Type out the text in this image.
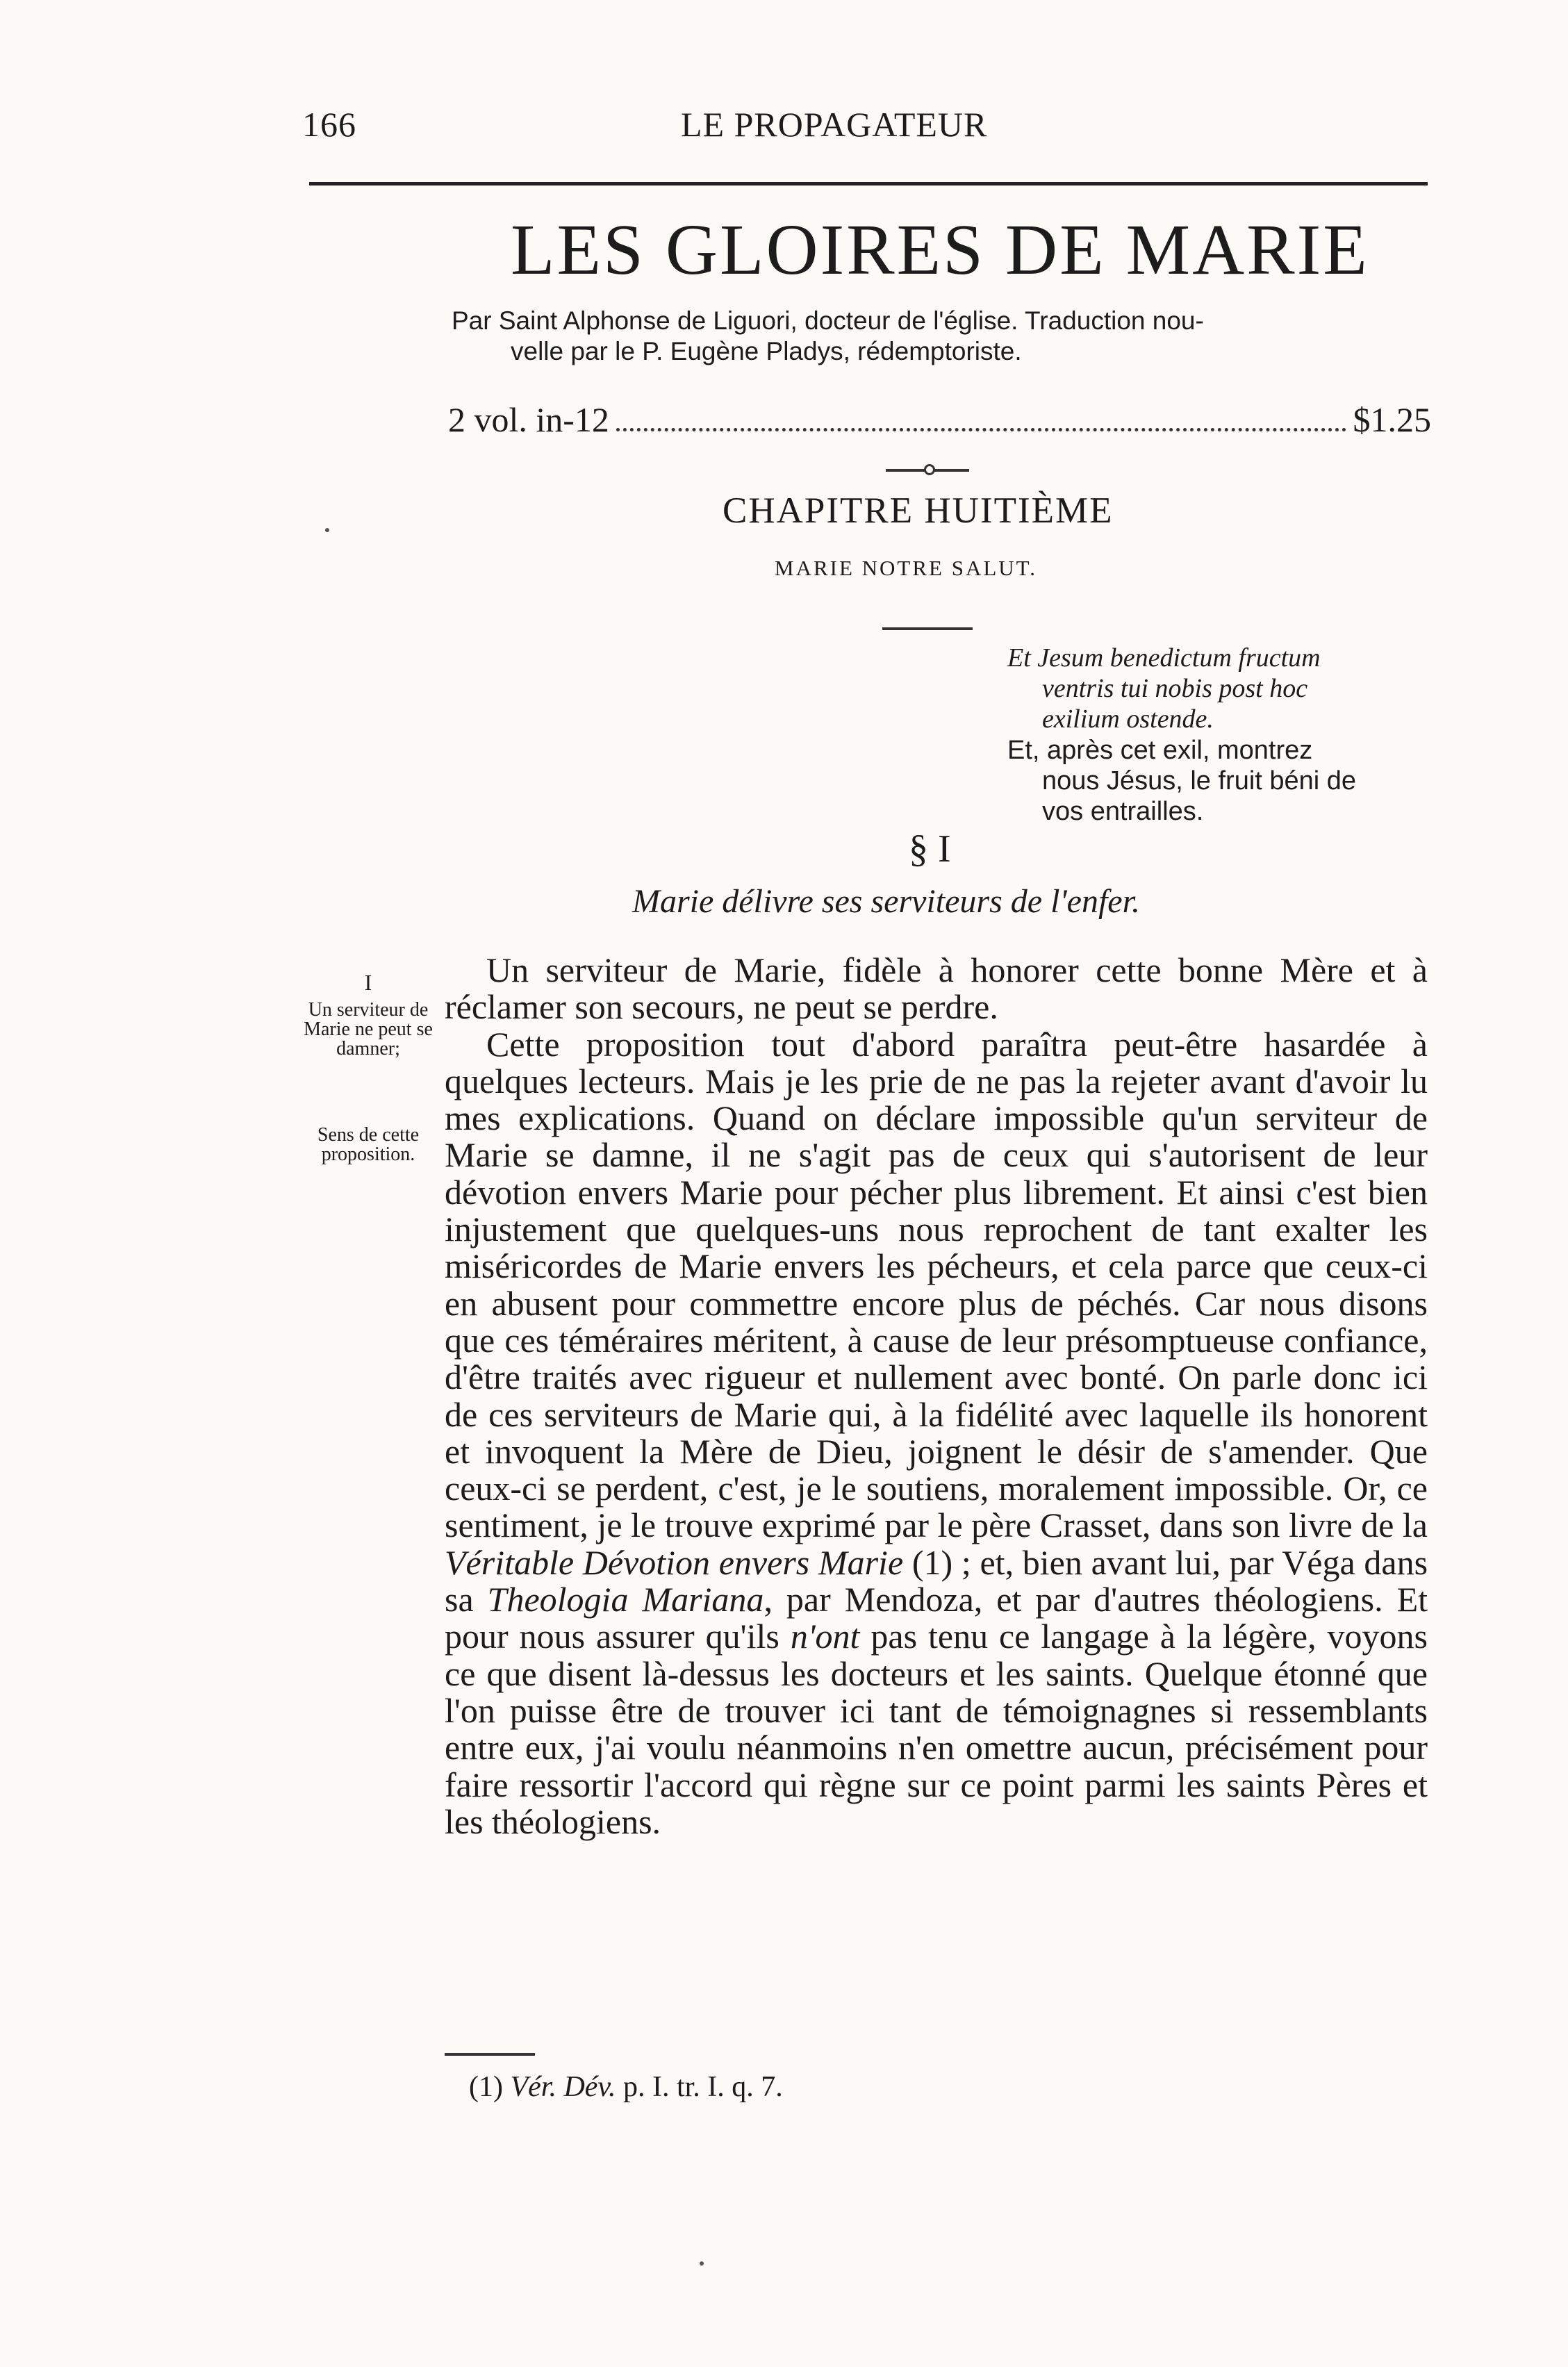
166	LE PROPAGATEUR
LES GLOIRES DE MARIE
Par Saint Alphonse de Liguori, docteur de l'église. Traduction nou-
velle par le P. Eugène Pladys, rédemptoriste.
2 vol. in-12	$1.25
CHAPITRE HUITIÈME
MARIE NOTRE SALUT.

Et Jesum benedictum fructum

ventris tui nobis post hoc

exilium ostende.

Et, après cet exil, montrez

nous Jésus, le fruit béni de

vos entrailles.

§ I
Marie délivre ses serviteurs de l'enfer.
I
Un serviteur de Marie ne peut se damner;
Sens de cette proposition.

Un serviteur de Marie, fidèle à honorer cette bonne Mère et à réclamer son secours, ne peut se perdre.

Cette proposition tout d'abord paraîtra peut-être hasardée à quelques lecteurs. Mais je les prie de ne pas la rejeter avant d'avoir lu mes explications. Quand on déclare impossible qu'un serviteur de Marie se damne, il ne s'agit pas de ceux qui s'autorisent de leur dévotion envers Marie pour pécher plus librement. Et ainsi c'est bien injustement que quelques-uns nous reprochent de tant exalter les miséricordes de Marie envers les pécheurs, et cela parce que ceux-ci en abusent pour commettre encore plus de péchés. Car nous disons que ces téméraires méritent, à cause de leur présomptueuse confiance, d'être traités avec rigueur et nullement avec bonté. On parle donc ici de ces serviteurs de Marie qui, à la fidélité avec laquelle ils honorent et invoquent la Mère de Dieu, joignent le désir de s'amender. Que ceux-ci se perdent, c'est, je le soutiens, moralement impossible. Or, ce sentiment, je le trouve exprimé par le père Crasset, dans son livre de la Véritable Dévotion envers Marie (1) ; et, bien avant lui, par Véga dans sa Theologia Mariana, par Mendoza, et par d'autres théologiens. Et pour nous assurer qu'ils n'ont pas tenu ce langage à la légère, voyons ce que disent là-dessus les docteurs et les saints. Quelque étonné que l'on puisse être de trouver ici tant de témoignagnes si ressemblants entre eux, j'ai voulu néanmoins n'en omettre aucun, précisément pour faire ressortir l'accord qui règne sur ce point parmi les saints Pères et les théologiens.

(1) Vér. Dév. p. I. tr. I. q. 7.
